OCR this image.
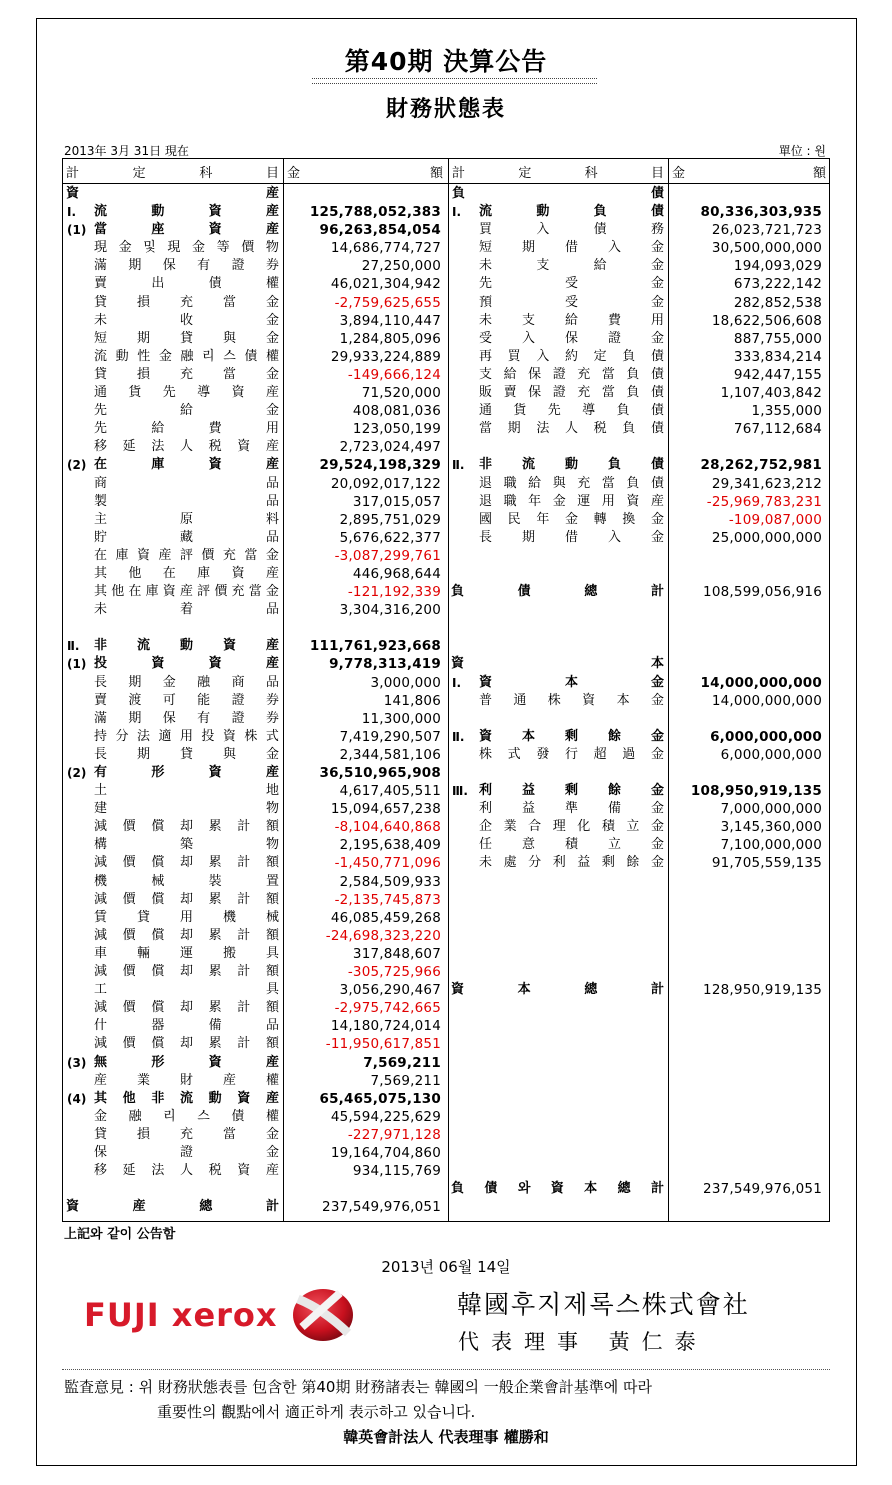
第40期 決算公告
財務狀態表
2013年 3月 31日 現在	單位 : 원
計	定	科	目 金	額 計	定	科	目 金	額
資	産
Ⅰ. 流	動	資	産	125,788,052,383
(1) 當	座	資	産	96,263,854,054
現 金 및 現 金 等 價 物	14,686,774,727
滿 期 保 有 證 券	27,250,000
賣	出	債	權	46,021,304,942
貸 損 充 當 金	-2,759,625,655
未	收	金	3,894,110,447
短 期 貸 與 金	1,284,805,096
流 動 性 金 融 리 스 債 權	29,933,224,889
貸 損 充 當 金	-149,666,124
通 貨 先 導 資 産	71,520,000
先	給	金	408,081,036
先	給	費	用	123,050,199
移 延 法 人 税 資 産	2,723,024,497
(2) 在	庫	資	産	29,524,198,329
商	品	20,092,017,122
製	品	317,015,057
主	原	料	2,895,751,029
貯	藏	品	5,676,622,377
在 庫 資 産 評 價 充 當 金	-3,087,299,761
其 他 在 庫 資 産	446,968,644
其 他 在 庫 資 産 評 價 充 當 金	-121,192,339
未	着	品	3,304,316,200
Ⅱ. 非 流 動 資 産	111,761,923,668
(1) 投	資	資	産	9,778,313,419
長 期 金 融 商 品	3,000,000
賣 渡 可 能 證 券	141,806
滿 期 保 有 證 券	11,300,000
持 分 法 適 用 投 資 株 式	7,419,290,507
長 期 貸 與 金	2,344,581,106
(2) 有	形	資	産	36,510,965,908
土	地	4,617,405,511
建	物	15,094,657,238
減 價 償 却 累 計 額	-8,104,640,868
構	築	物	2,195,638,409
減 價 償 却 累 計 額	-1,450,771,096
機	械	裝	置	2,584,509,933
減 價 償 却 累 計 額	-2,135,745,873
賃 貸 用 機 械	46,085,459,268
減 價 償 却 累 計 額	-24,698,323,220
車 輛 運 搬 具	317,848,607
減 價 償 却 累 計 額	-305,725,966
工	具	3,056,290,467
減 價 償 却 累 計 額	-2,975,742,665
什	器	備	品	14,180,724,014
減 價 償 却 累 計 額	-11,950,617,851
(3) 無	形	資	産	7,569,211
産 業 財 産 權	7,569,211
(4) 其 他 非 流 動 資 産	65,465,075,130
金 融 리 스 債 權	45,594,225,629
貸 損 充 當 金	-227,971,128
保	證	金	19,164,704,860
移 延 法 人 税 資 産	934,115,769
資	産	總	計	237,549,976,051
負	債
Ⅰ. 流	動	負	債	80,336,303,935
買	入	債	務	26,023,721,723
短 期 借 入 金	30,500,000,000
未	支	給	金	194,093,029
先	受	金	673,222,142
預	受	金	282,852,538
未 支 給 費 用	18,622,506,608
受 入 保 證 金	887,755,000
再 買 入 約 定 負 債	333,834,214
支 給 保 證 充 當 負 債	942,447,155
販 賣 保 證 充 當 負 債	1,107,403,842
通 貨 先 導 負 債	1,355,000
當 期 法 人 税 負 債	767,112,684
Ⅱ. 非 流 動 負 債	28,262,752,981
退 職 給 與 充 當 負 債	29,341,623,212
退 職 年 金 運 用 資 産	-25,969,783,231
國 民 年 金 轉 換 金	-109,087,000
長 期 借 入 金	25,000,000,000
負	債	總	計	108,599,056,916
資	本
Ⅰ. 資	本	金	14,000,000,000
普 通 株 資 本 金	14,000,000,000
Ⅱ. 資 本 剩 餘 金	6,000,000,000
株 式 發 行 超 過 金	6,000,000,000
Ⅲ. 利 益 剩 餘 金	108,950,919,135
利 益 準 備 金	7,000,000,000
企 業 合 理 化 積 立 金	3,145,360,000
任 意 積 立 金	7,100,000,000
未 處 分 利 益 剩 餘 金	91,705,559,135
資	本	總	計	128,950,919,135
負 債 와 資 本 總 計	237,549,976,051
上記와 같이 公告함
2013년 06월 14일
FUJI xerox	韓國후지제록스株式會社
代表理事 黃仁泰
監査意見 : 위 財務狀態表를 包含한 第40期 財務諸表는 韓國의 一般企業會計基準에 따라
重要性의 觀點에서 適正하게 表示하고 있습니다.
韓英會計法人 代表理事 權勝和
